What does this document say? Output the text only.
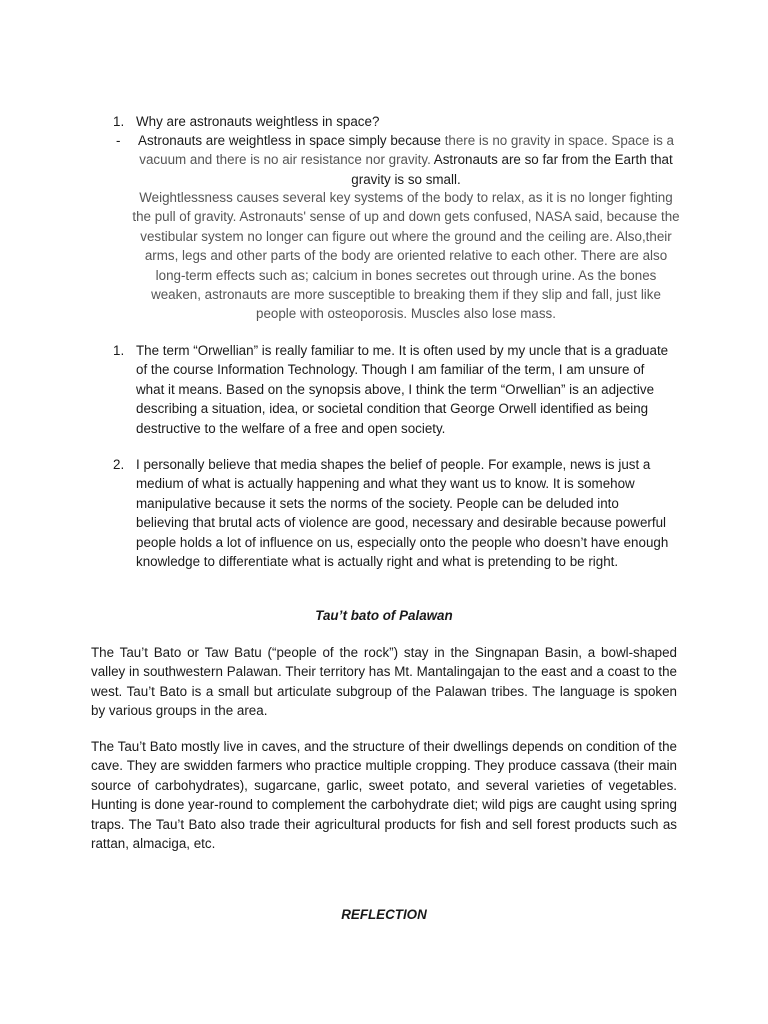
1. Why are astronauts weightless in space?
-	Astronauts are weightless in space simply because there is no gravity in space. Space is a vacuum and there is no air resistance nor gravity. Astronauts are so far from the Earth that gravity is so small.
Weightlessness causes several key systems of the body to relax, as it is no longer fighting the pull of gravity. Astronauts' sense of up and down gets confused, NASA said, because the vestibular system no longer can figure out where the ground and the ceiling are. Also,their arms, legs and other parts of the body are oriented relative to each other. There are also long-term effects such as; calcium in bones secretes out through urine. As the bones weaken, astronauts are more susceptible to breaking them if they slip and fall, just like people with osteoporosis. Muscles also lose mass.
1. The term “Orwellian” is really familiar to me. It is often used by my uncle that is a graduate of the course Information Technology. Though I am familiar of the term, I am unsure of what it means. Based on the synopsis above, I think the term “Orwellian” is an adjective describing a situation, idea, or societal condition that George Orwell identified as being destructive to the welfare of a free and open society.
2. I personally believe that media shapes the belief of people. For example, news is just a medium of what is actually happening and what they want us to know. It is somehow manipulative because it sets the norms of the society. People can be deluded into believing that brutal acts of violence are good, necessary and desirable because powerful people holds a lot of influence on us, especially onto the people who doesn’t have enough knowledge to differentiate what is actually right and what is pretending to be right.
Tau’t bato of Palawan
The Tau’t Bato or Taw Batu (“people of the rock”) stay in the Singnapan Basin, a bowl-shaped valley in southwestern Palawan. Their territory has Mt. Mantalingajan to the east and a coast to the west. Tau’t Bato is a small but articulate subgroup of the Palawan tribes. The language is spoken by various groups in the area.
The Tau’t Bato mostly live in caves, and the structure of their dwellings depends on condition of the cave. They are swidden farmers who practice multiple cropping. They produce cassava (their main source of carbohydrates), sugarcane, garlic, sweet potato, and several varieties of vegetables. Hunting is done year-round to complement the carbohydrate diet; wild pigs are caught using spring traps. The Tau’t Bato also trade their agricultural products for fish and sell forest products such as rattan, almaciga, etc.
REFLECTION
